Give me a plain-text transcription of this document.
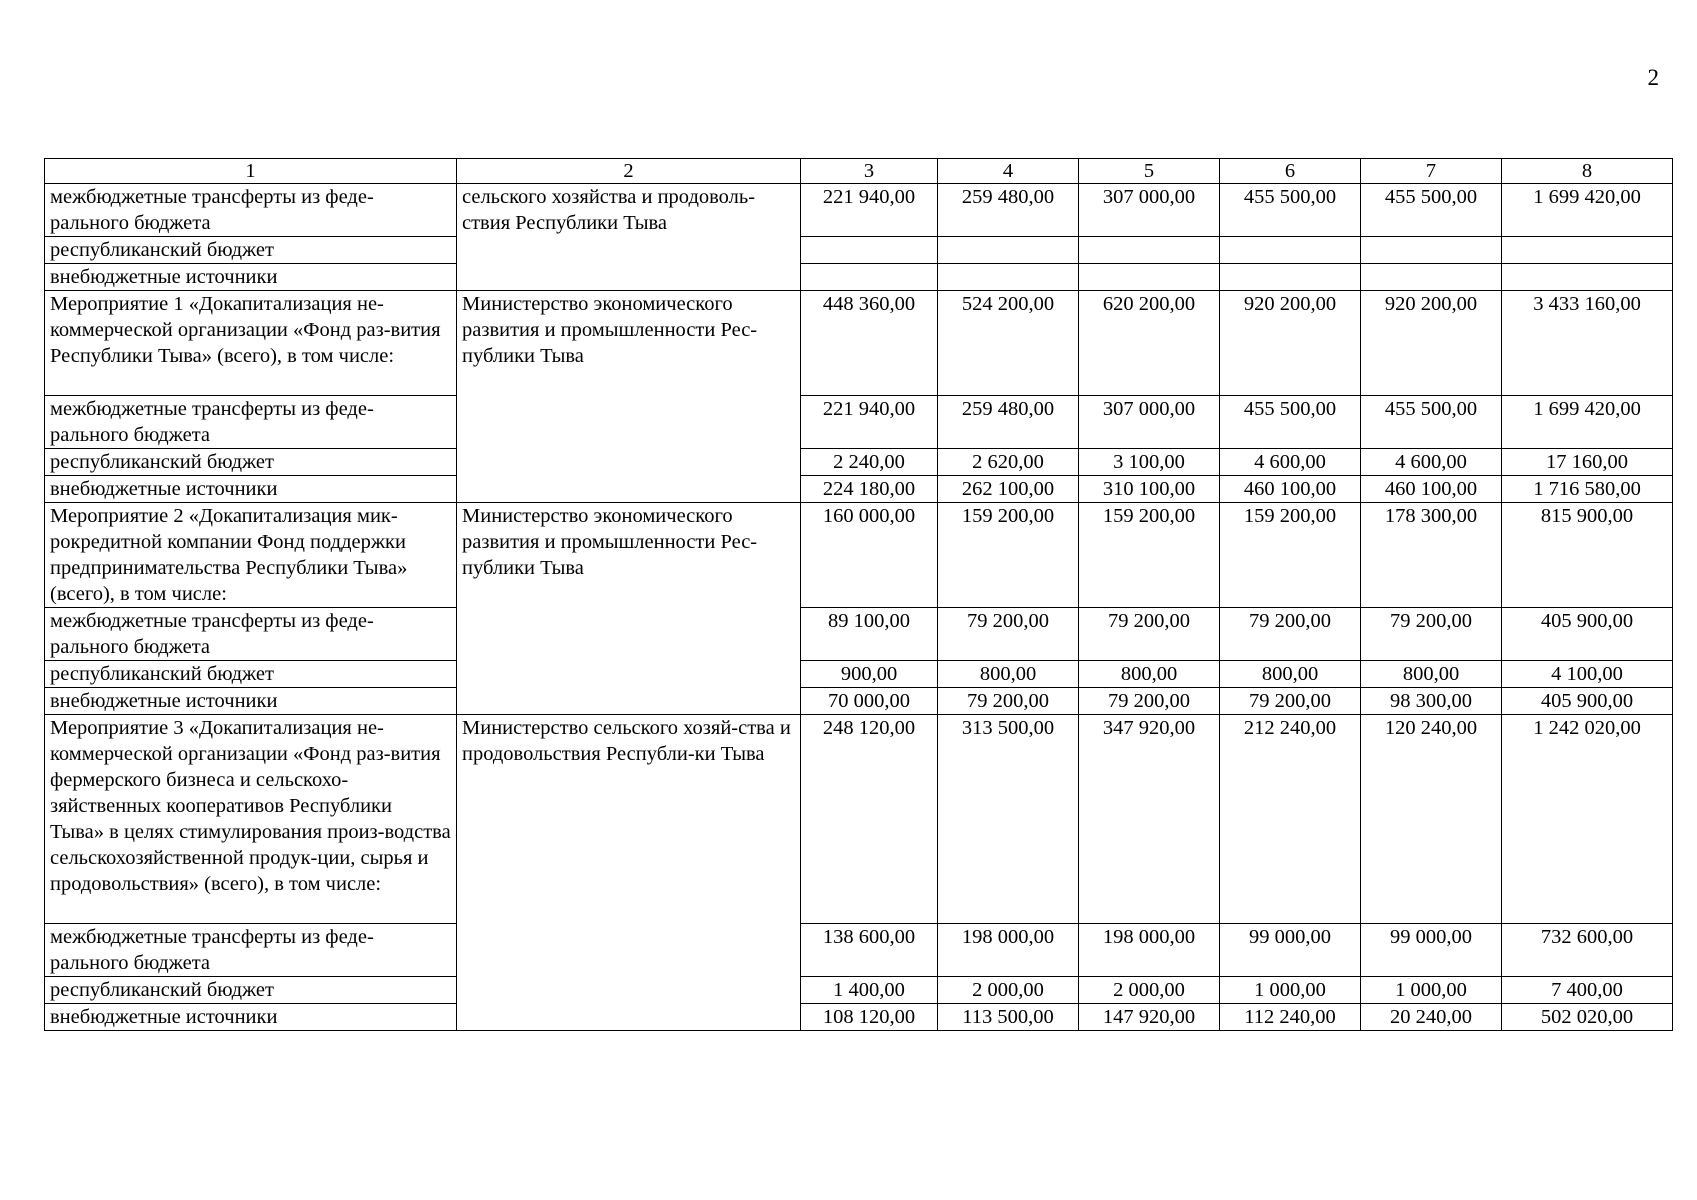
2
1	2	3	4	5	6	7	8
межбюджетные трансферты из феде-ральногo бюджета	сельского хозяйства и продоволь-ствия Республики Тыва	221 940,00	259 480,00	307 000,00	455 500,00	455 500,00	1 699 420,00
республиканский бюджет							
внебюджетные источники							
Мероприятие 1 «Докапитализация не-коммерческой организации «Фонд раз-вития Республики Тыва» (всего), в том числе:	Министерство экономического развития и промышленности Рес-публики Тыва	448 360,00	524 200,00	620 200,00	920 200,00	920 200,00	3 433 160,00
межбюджетные трансферты из феде-рального бюджета		221 940,00	259 480,00	307 000,00	455 500,00	455 500,00	1 699 420,00
республиканский бюджет		2 240,00	2 620,00	3 100,00	4 600,00	4 600,00	17 160,00
внебюджетные источники		224 180,00	262 100,00	310 100,00	460 100,00	460 100,00	1 716 580,00
Мероприятие 2 «Докапитализация мик-рокредитной компании Фонд поддержки предпринимательства Республики Тыва» (всего), в том числе:	Министерство экономического развития и промышленности Рес-публики Тыва	160 000,00	159 200,00	159 200,00	159 200,00	178 300,00	815 900,00
межбюджетные трансферты из феде-рального бюджета		89 100,00	79 200,00	79 200,00	79 200,00	79 200,00	405 900,00
республиканский бюджет		900,00	800,00	800,00	800,00	800,00	4 100,00
внебюджетные источники		70 000,00	79 200,00	79 200,00	79 200,00	98 300,00	405 900,00
Мероприятие 3 «Докапитализация не-коммерческой организации «Фонд раз-вития фермерского бизнеса и сельскохо-зяйственных кооперативов Республики Тыва» в целях стимулирования произ-водства сельскохозяйственной продук-ции, сырья и продовольствия» (всего), в том числе:	Министерство сельского хозяй-ства и продовольствия Республи-ки Тыва	248 120,00	313 500,00	347 920,00	212 240,00	120 240,00	1 242 020,00
межбюджетные трансферты из феде-рального бюджета		138 600,00	198 000,00	198 000,00	99 000,00	99 000,00	732 600,00
республиканский бюджет		1 400,00	2 000,00	2 000,00	1 000,00	1 000,00	7 400,00
внебюджетные источники		108 120,00	113 500,00	147 920,00	112 240,00	20 240,00	502 020,00
